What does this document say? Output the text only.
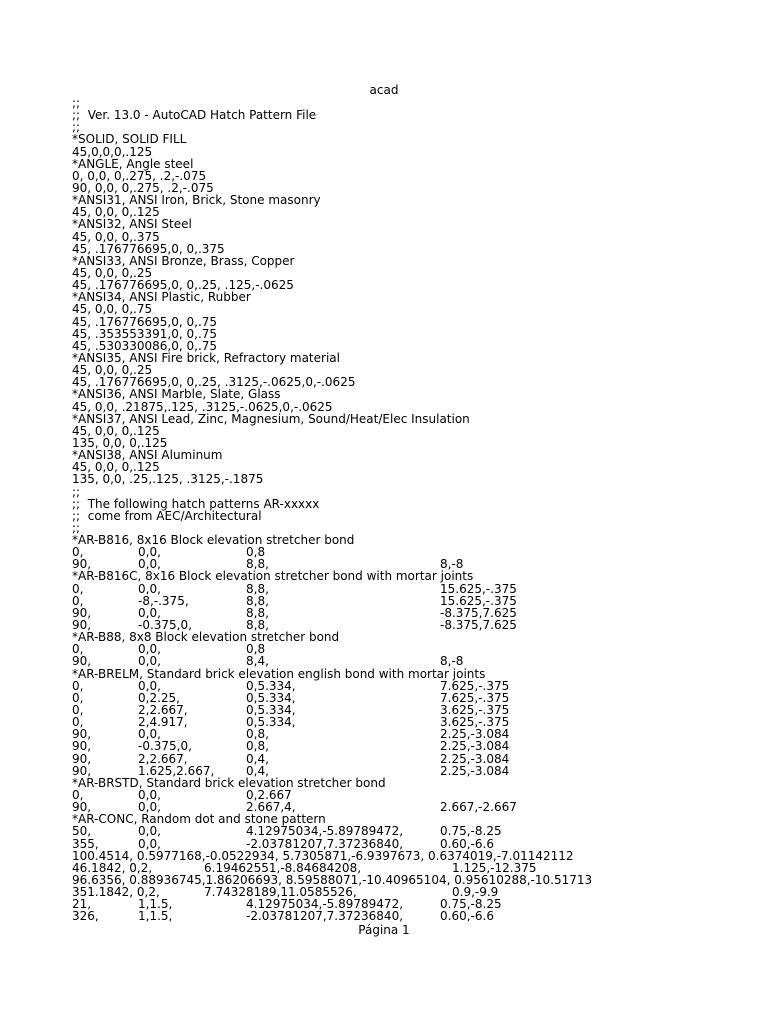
acad
;;
;;  Ver. 13.0 - AutoCAD Hatch Pattern File
;;
*SOLID, SOLID FILL
45,0,0,0,.125
*ANGLE, Angle steel
0, 0,0, 0,.275, .2,-.075
90, 0,0, 0,.275, .2,-.075
*ANSI31, ANSI Iron, Brick, Stone masonry
45, 0,0, 0,.125
*ANSI32, ANSI Steel
45, 0,0, 0,.375
45, .176776695,0, 0,.375
*ANSI33, ANSI Bronze, Brass, Copper
45, 0,0, 0,.25
45, .176776695,0, 0,.25, .125,-.0625
*ANSI34, ANSI Plastic, Rubber
45, 0,0, 0,.75
45, .176776695,0, 0,.75
45, .353553391,0, 0,.75
45, .530330086,0, 0,.75
*ANSI35, ANSI Fire brick, Refractory material
45, 0,0, 0,.25
45, .176776695,0, 0,.25, .3125,-.0625,0,-.0625
*ANSI36, ANSI Marble, Slate, Glass
45, 0,0, .21875,.125, .3125,-.0625,0,-.0625
*ANSI37, ANSI Lead, Zinc, Magnesium, Sound/Heat/Elec Insulation
45, 0,0, 0,.125
135, 0,0, 0,.125
*ANSI38, ANSI Aluminum
45, 0,0, 0,.125
135, 0,0, .25,.125, .3125,-.1875
;;
;;  The following hatch patterns AR-xxxxx
;;  come from AEC/Architectural
;;
*AR-B816, 8x16 Block elevation stretcher bond
0,	0,0,	0,8
90,	0,0,	8,8,	8,-8
*AR-B816C, 8x16 Block elevation stretcher bond with mortar joints
0,	0,0,	8,8,	15.625,-.375
0,	-8,-.375,	8,8,	15.625,-.375
90,	0,0,	8,8,	-8.375,7.625
90,	-0.375,0,	8,8,	-8.375,7.625
*AR-B88, 8x8 Block elevation stretcher bond
0,	0,0,	0,8
90,	0,0,	8,4,	8,-8
*AR-BRELM, Standard brick elevation english bond with mortar joints
0,	0,0,	0,5.334,	7.625,-.375
0,	0,2.25,	0,5.334,	7.625,-.375
0,	2,2.667,	0,5.334,	3.625,-.375
0,	2,4.917,	0,5.334,	3.625,-.375
90,	0,0,	0,8,	2.25,-3.084
90,	-0.375,0,	0,8,	2.25,-3.084
90,	2,2.667,	0,4,	2.25,-3.084
90,	1.625,2.667,	0,4,	2.25,-3.084
*AR-BRSTD, Standard brick elevation stretcher bond
0,	0,0,	0,2.667
90,	0,0,	2.667,4,	2.667,-2.667
*AR-CONC, Random dot and stone pattern
50,	0,0,	4.12975034,-5.89789472,	0.75,-8.25
355,	0,0,	-2.03781207,7.37236840,	0.60,-6.6
100.4514, 0.5977168,-0.0522934, 5.7305871,-6.9397673, 0.6374019,-7.01142112
46.1842, 0,2,	6.19462551,-8.84684208,	1.125,-12.375
96.6356, 0.88936745,1.86206693, 8.59588071,-10.40965104, 0.95610288,-10.51713
351.1842, 0,2,	7.74328189,11.0585526,	0.9,-9.9
21,	1,1.5,	4.12975034,-5.89789472,	0.75,-8.25
326,	1,1.5,	-2.03781207,7.37236840,	0.60,-6.6
Página 1
